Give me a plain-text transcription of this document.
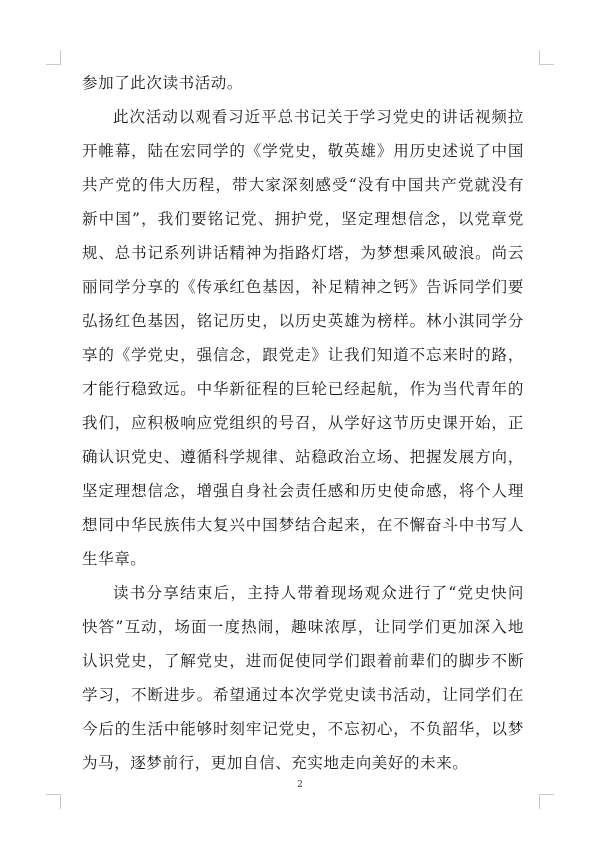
参加了此次读书活动。

此次活动以观看习近平总书记关于学习党史的讲话视频拉开帷幕，陆在宏同学的《学党史，敬英雄》用历史述说了中国共产党的伟大历程，带大家深刻感受“没有中国共产党就没有新中国”，我们要铭记党、拥护党，坚定理想信念，以党章党规、总书记系列讲话精神为指路灯塔，为梦想乘风破浪。尚云丽同学分享的《传承红色基因，补足精神之钙》告诉同学们要弘扬红色基因，铭记历史，以历史英雄为榜样。林小淇同学分享的《学党史，强信念，跟党走》让我们知道不忘来时的路，才能行稳致远。中华新征程的巨轮已经起航，作为当代青年的我们，应积极响应党组织的号召，从学好这节历史课开始，正确认识党史、遵循科学规律、站稳政治立场、把握发展方向，坚定理想信念，增强自身社会责任感和历史使命感，将个人理想同中华民族伟大复兴中国梦结合起来，在不懈奋斗中书写人生华章。

读书分享结束后，主持人带着现场观众进行了“党史快问快答”互动，场面一度热闹，趣味浓厚，让同学们更加深入地认识党史，了解党史，进而促使同学们跟着前辈们的脚步不断学习，不断进步。希望通过本次学党史读书活动，让同学们在今后的生活中能够时刻牢记党史，不忘初心，不负韶华，以梦为马，逐梦前行，更加自信、充实地走向美好的未来。

2
